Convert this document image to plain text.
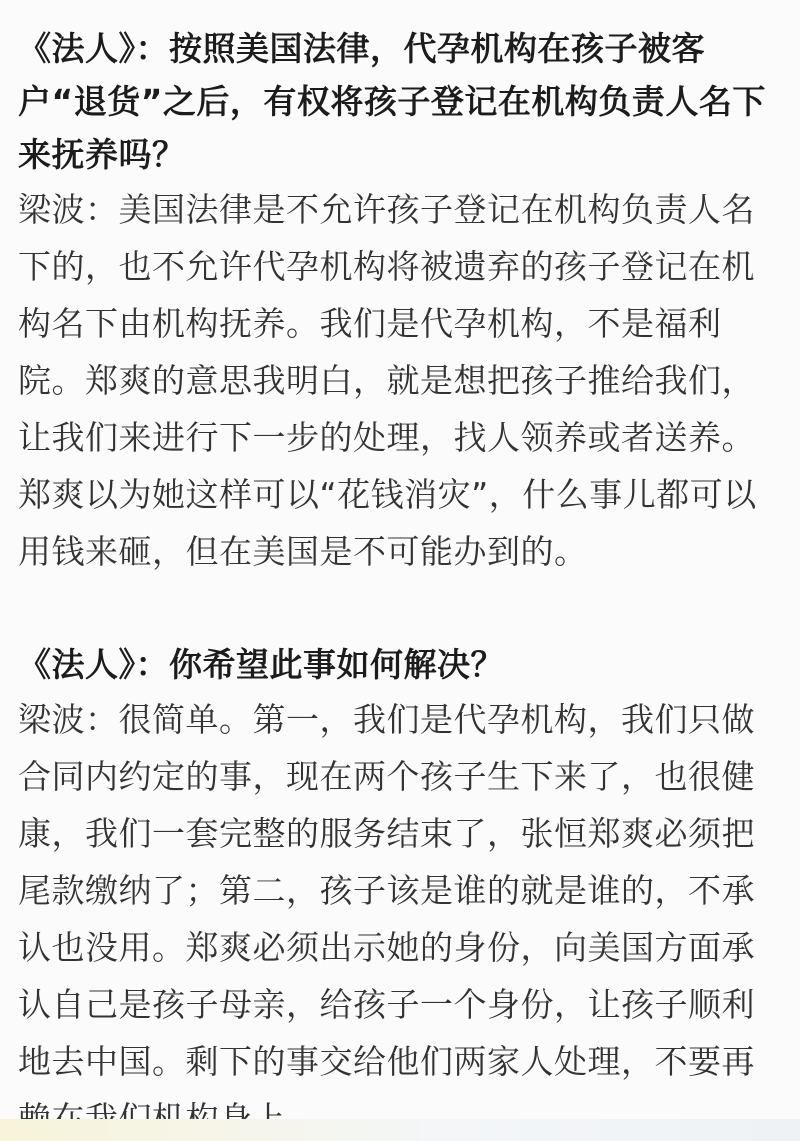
《法人》：按照美国法律，代孕机构在孩子被客户“退货”之后，有权将孩子登记在机构负责人名下来抚养吗？

梁波：美国法律是不允许孩子登记在机构负责人名下的，也不允许代孕机构将被遗弃的孩子登记在机构名下由机构抚养。我们是代孕机构，不是福利院。郑爽的意思我明白，就是想把孩子推给我们，让我们来进行下一步的处理，找人领养或者送养。郑爽以为她这样可以“花钱消灾”，什么事儿都可以用钱来砸，但在美国是不可能办到的。

《法人》：你希望此事如何解决？

梁波：很简单。第一，我们是代孕机构，我们只做合同内约定的事，现在两个孩子生下来了，也很健康，我们一套完整的服务结束了，张恒郑爽必须把尾款缴纳了；第二，孩子该是谁的就是谁的，不承认也没用。郑爽必须出示她的身份，向美国方面承认自己是孩子母亲，给孩子一个身份，让孩子顺利地去中国。剩下的事交给他们两家人处理，不要再
